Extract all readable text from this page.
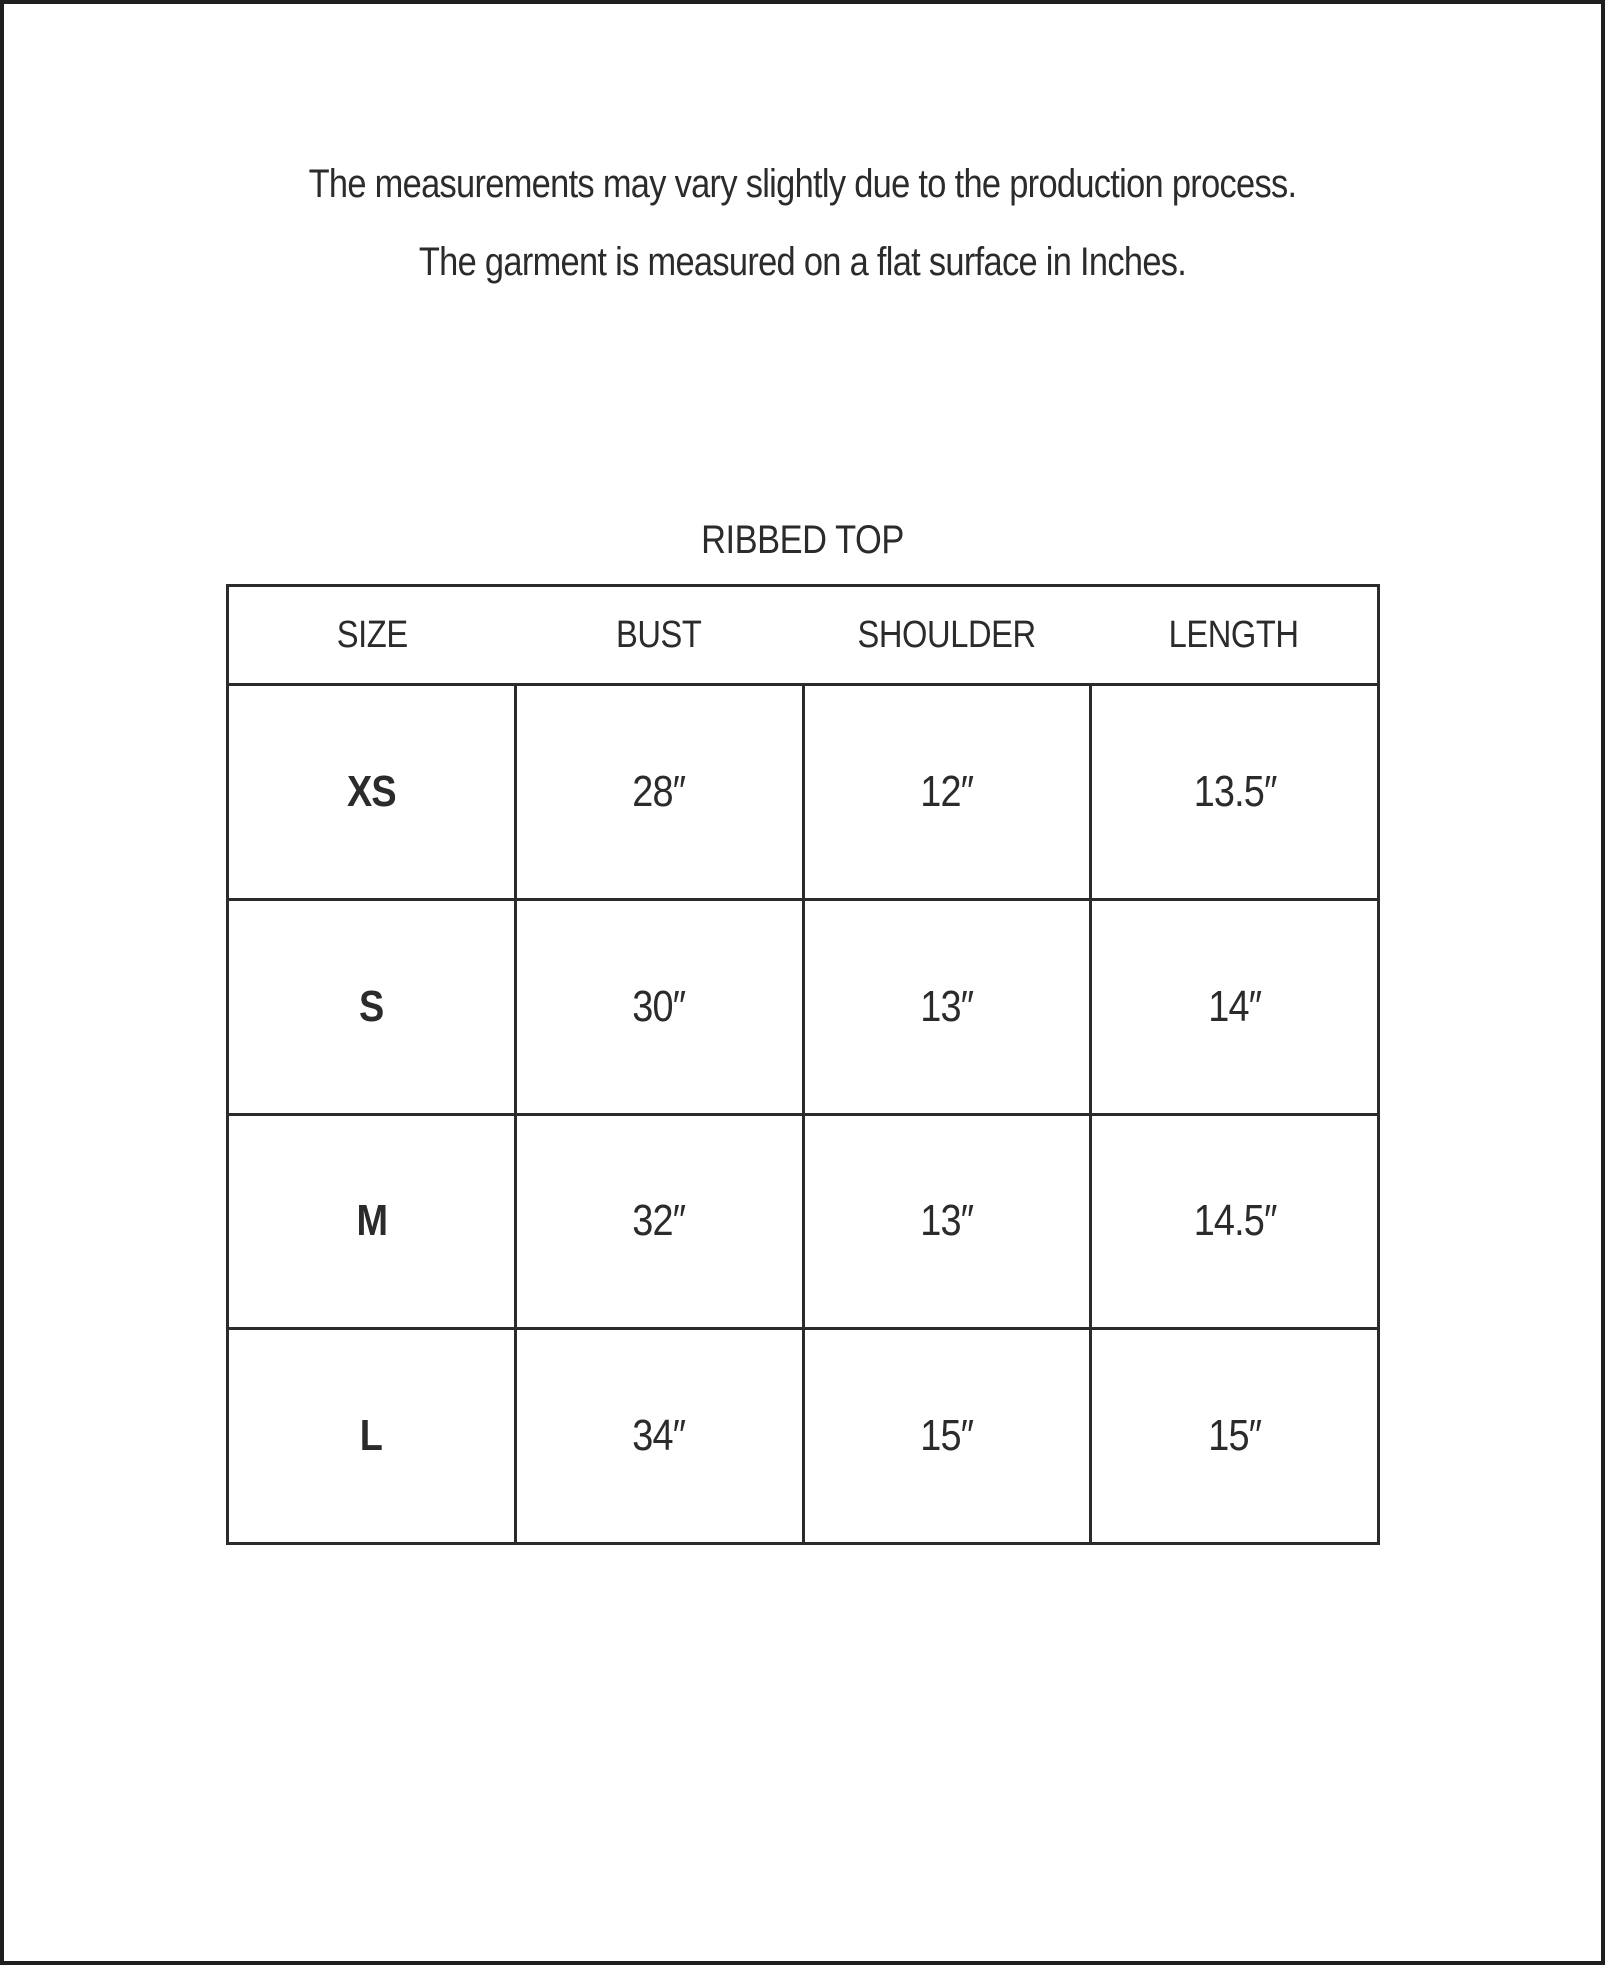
The measurements may vary slightly due to the production process.
The garment is measured on a flat surface in Inches.
RIBBED TOP
SIZE	BUST	SHOULDER	LENGTH
XS	28″	12″	13.5″
S	30″	13″	14″
M	32″	13″	14.5″
L	34″	15″	15″
